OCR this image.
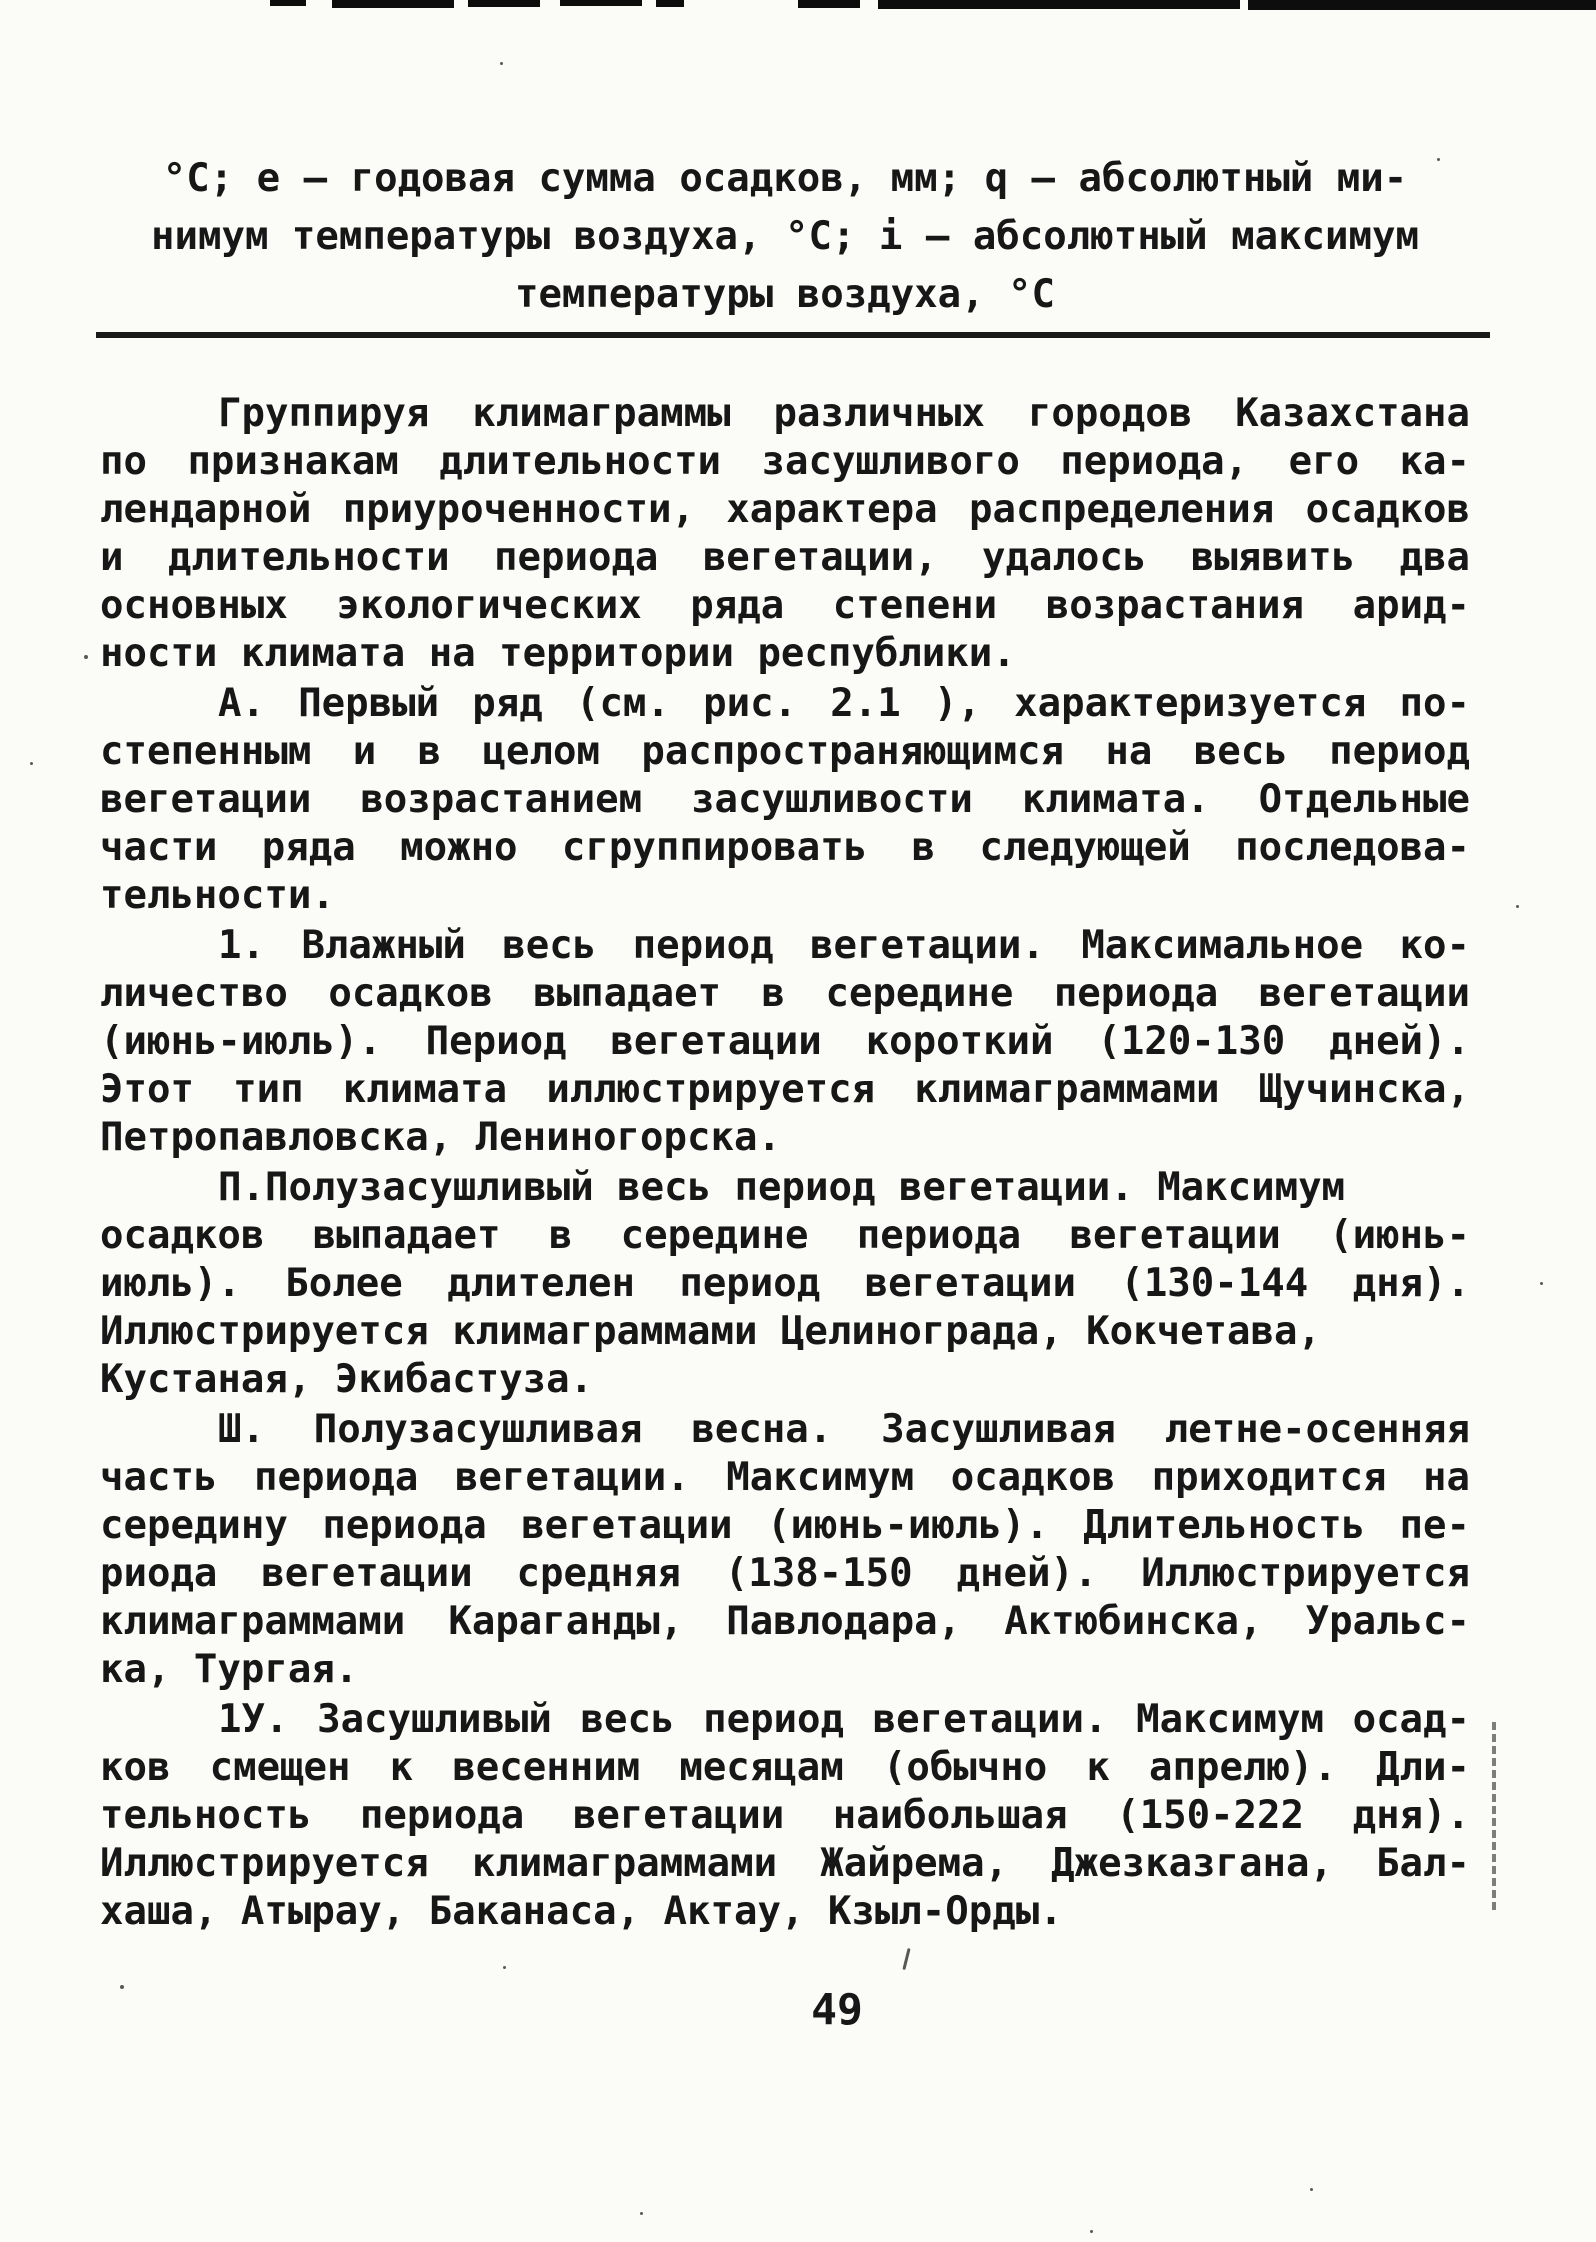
°С; е – годовая сумма осадков, мм; q – абсолютный ми-
нимум температуры воздуха, °С; i – абсолютный максимум
температуры воздуха, °С
Группируя климаграммы различных городов Казахстана
по признакам длительности засушливого периода, его ка-
лендарной приуроченности, характера распределения осадков
и длительности периода вегетации, удалось выявить два
основных экологических ряда степени возрастания арид-
ности климата на территории республики.
А. Первый ряд (см. рис. 2.1 ), характеризуется по-
степенным и в целом распространяющимся на весь период
вегетации возрастанием засушливости климата. Отдельные
части ряда можно сгруппировать в следующей последова-
тельности.
1. Влажный весь период вегетации. Максимальное ко-
личество осадков выпадает в середине периода вегетации
(июнь-июль). Период вегетации короткий (120-130 дней).
Этот тип климата иллюстрируется климаграммами Щучинска,
Петропавловска, Лениногорска.
П.Полузасушливый весь период вегетации. Максимум
осадков выпадает в середине периода вегетации (июнь-
июль). Более длителен период вегетации (130-144 дня).
Иллюстрируется климаграммами Целинограда, Кокчетава,
Кустаная, Экибастуза.
Ш. Полузасушливая весна. Засушливая летне-осенняя
часть периода вегетации. Максимум осадков приходится на
середину периода вегетации (июнь-июль). Длительность пе-
риода вегетации средняя (138-150 дней). Иллюстрируется
климаграммами Караганды, Павлодара, Актюбинска, Уральс-
ка, Тургая.
1У. Засушливый весь период вегетации. Максимум осад-
ков смещен к весенним месяцам (обычно к апрелю). Дли-
тельность периода вегетации наибольшая (150-222 дня).
Иллюстрируется климаграммами Жайрема, Джезказгана, Бал-
хаша, Атырау, Баканаса, Актау, Кзыл-Орды.
49
